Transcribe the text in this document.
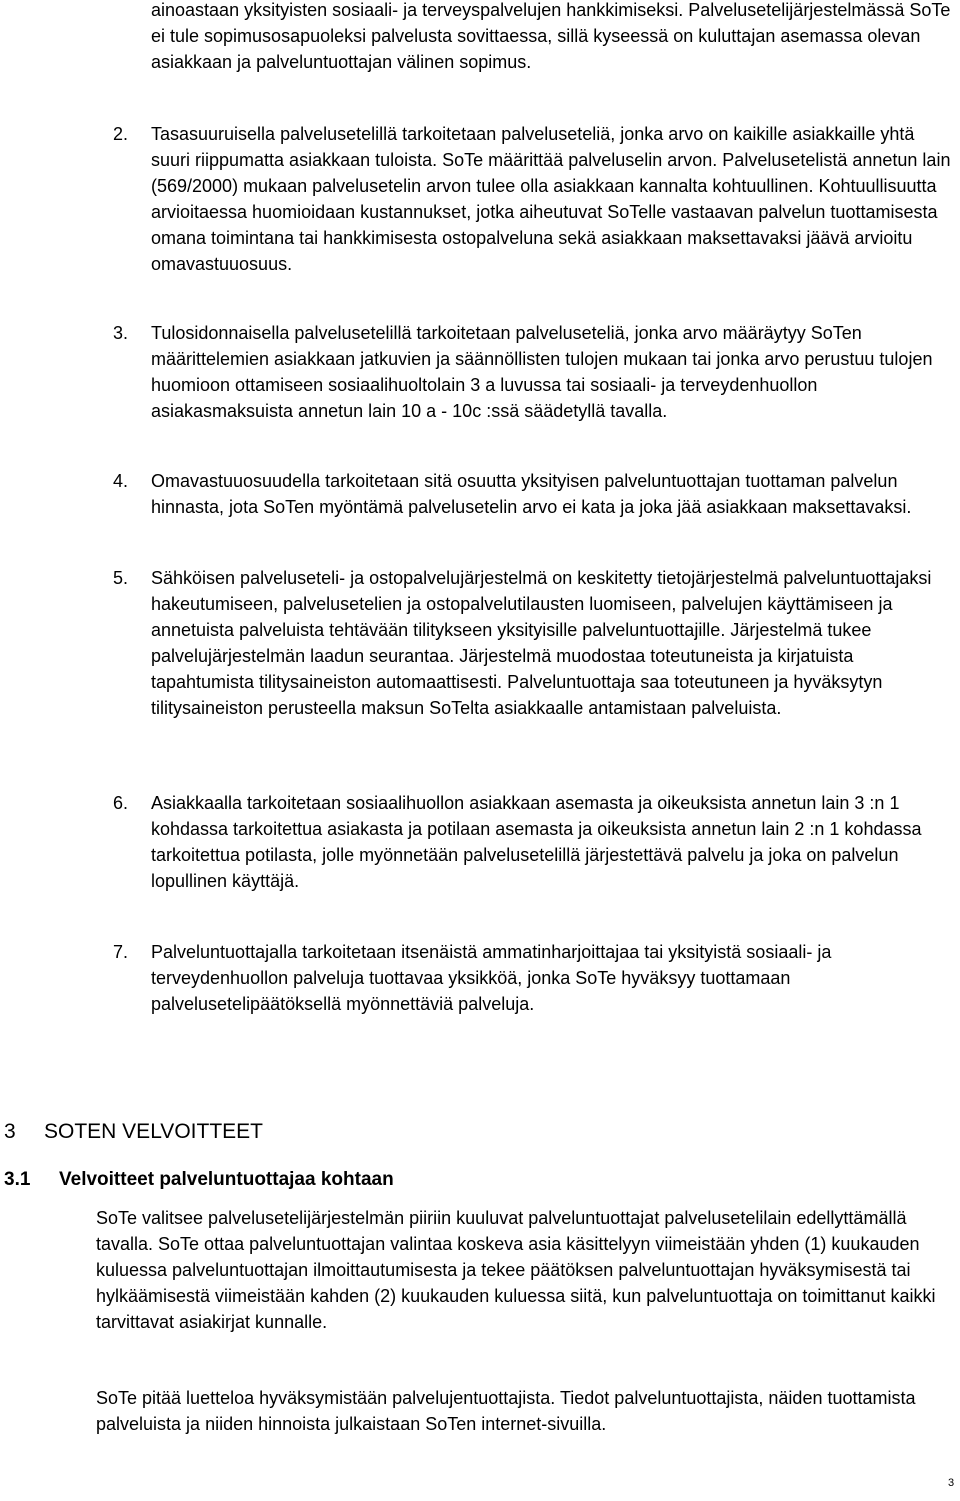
ainoastaan yksityisten sosiaali- ja terveyspalvelujen hankkimiseksi. Palvelusetelijärjestelmässä SoTe ei tule sopimusosapuoleksi palvelusta sovittaessa, sillä kyseessä on kuluttajan asemassa olevan asiakkaan ja palveluntuottajan välinen sopimus.

2. Tasasuuruisella palvelusetelillä tarkoitetaan palveluseteliä, jonka arvo on kaikille asiakkaille yhtä suuri riippumatta asiakkaan tuloista. SoTe määrittää palveluselin arvon. Palvelusetelistä annetun lain (569/2000) mukaan palvelusetelin arvon tulee olla asiakkaan kannalta kohtuullinen. Kohtuullisuutta arvioitaessa huomioidaan kustannukset, jotka aiheutuvat SoTelle vastaavan palvelun tuottamisesta omana toimintana tai hankkimisesta ostopalveluna sekä asiakkaan maksettavaksi jäävä arvioitu omavastuuosuus.

3. Tulosidonnaisella palvelusetelillä tarkoitetaan palveluseteliä, jonka arvo määräytyy SoTen määrittelemien asiakkaan jatkuvien ja säännöllisten tulojen mukaan tai jonka arvo perustuu tulojen huomioon ottamiseen sosiaalihuoltolain 3 a luvussa tai sosiaali- ja terveydenhuollon asiakasmaksuista annetun lain 10 a - 10c :ssä säädetyllä tavalla.

4. Omavastuuosuudella tarkoitetaan sitä osuutta yksityisen palveluntuottajan tuottaman palvelun hinnasta, jota SoTen myöntämä palvelusetelin arvo ei kata ja joka jää asiakkaan maksettavaksi.

5. Sähköisen palveluseteli- ja ostopalvelujärjestelmä on keskitetty tietojärjestelmä palveluntuottajaksi hakeutumiseen, palvelusetelien ja ostopalvelutilausten luomiseen, palvelujen käyttämiseen ja annetuista palveluista tehtävään tilitykseen yksityisille palveluntuottajille. Järjestelmä tukee palvelujärjestelmän laadun seurantaa. Järjestelmä muodostaa toteutuneista ja kirjatuista tapahtumista tilitysaineiston automaattisesti. Palveluntuottaja saa toteutuneen ja hyväksytyn tilitysaineiston perusteella maksun SoTelta asiakkaalle antamistaan palveluista.

6. Asiakkaalla tarkoitetaan sosiaalihuollon asiakkaan asemasta ja oikeuksista annetun lain 3 :n 1 kohdassa tarkoitettua asiakasta ja potilaan asemasta ja oikeuksista annetun lain 2 :n 1 kohdassa tarkoitettua potilasta, jolle myönnetään palvelusetelillä järjestettävä palvelu ja joka on palvelun lopullinen käyttäjä.

7. Palveluntuottajalla tarkoitetaan itsenäistä ammatinharjoittajaa tai yksityistä sosiaali- ja terveydenhuollon palveluja tuottavaa yksikköä, jonka SoTe hyväksyy tuottamaan palvelusetelipäätöksellä myönnettäviä palveluja.

3 SOTEN VELVOITTEET
3.1 Velvoitteet palveluntuottajaa kohtaan

SoTe valitsee palvelusetelijärjestelmän piiriin kuuluvat palveluntuottajat palvelusetelilain edellyttämällä tavalla. SoTe ottaa palveluntuottajan valintaa koskeva asia käsittelyyn viimeistään yhden (1) kuukauden kuluessa palveluntuottajan ilmoittautumisesta ja tekee päätöksen palveluntuottajan hyväksymisestä tai hylkäämisestä viimeistään kahden (2) kuukauden kuluessa siitä, kun palveluntuottaja on toimittanut kaikki tarvittavat asiakirjat kunnalle.

SoTe pitää luetteloa hyväksymistään palvelujentuottajista. Tiedot palveluntuottajista, näiden tuottamista palveluista ja niiden hinnoista julkaistaan SoTen internet-sivuilla.

3
